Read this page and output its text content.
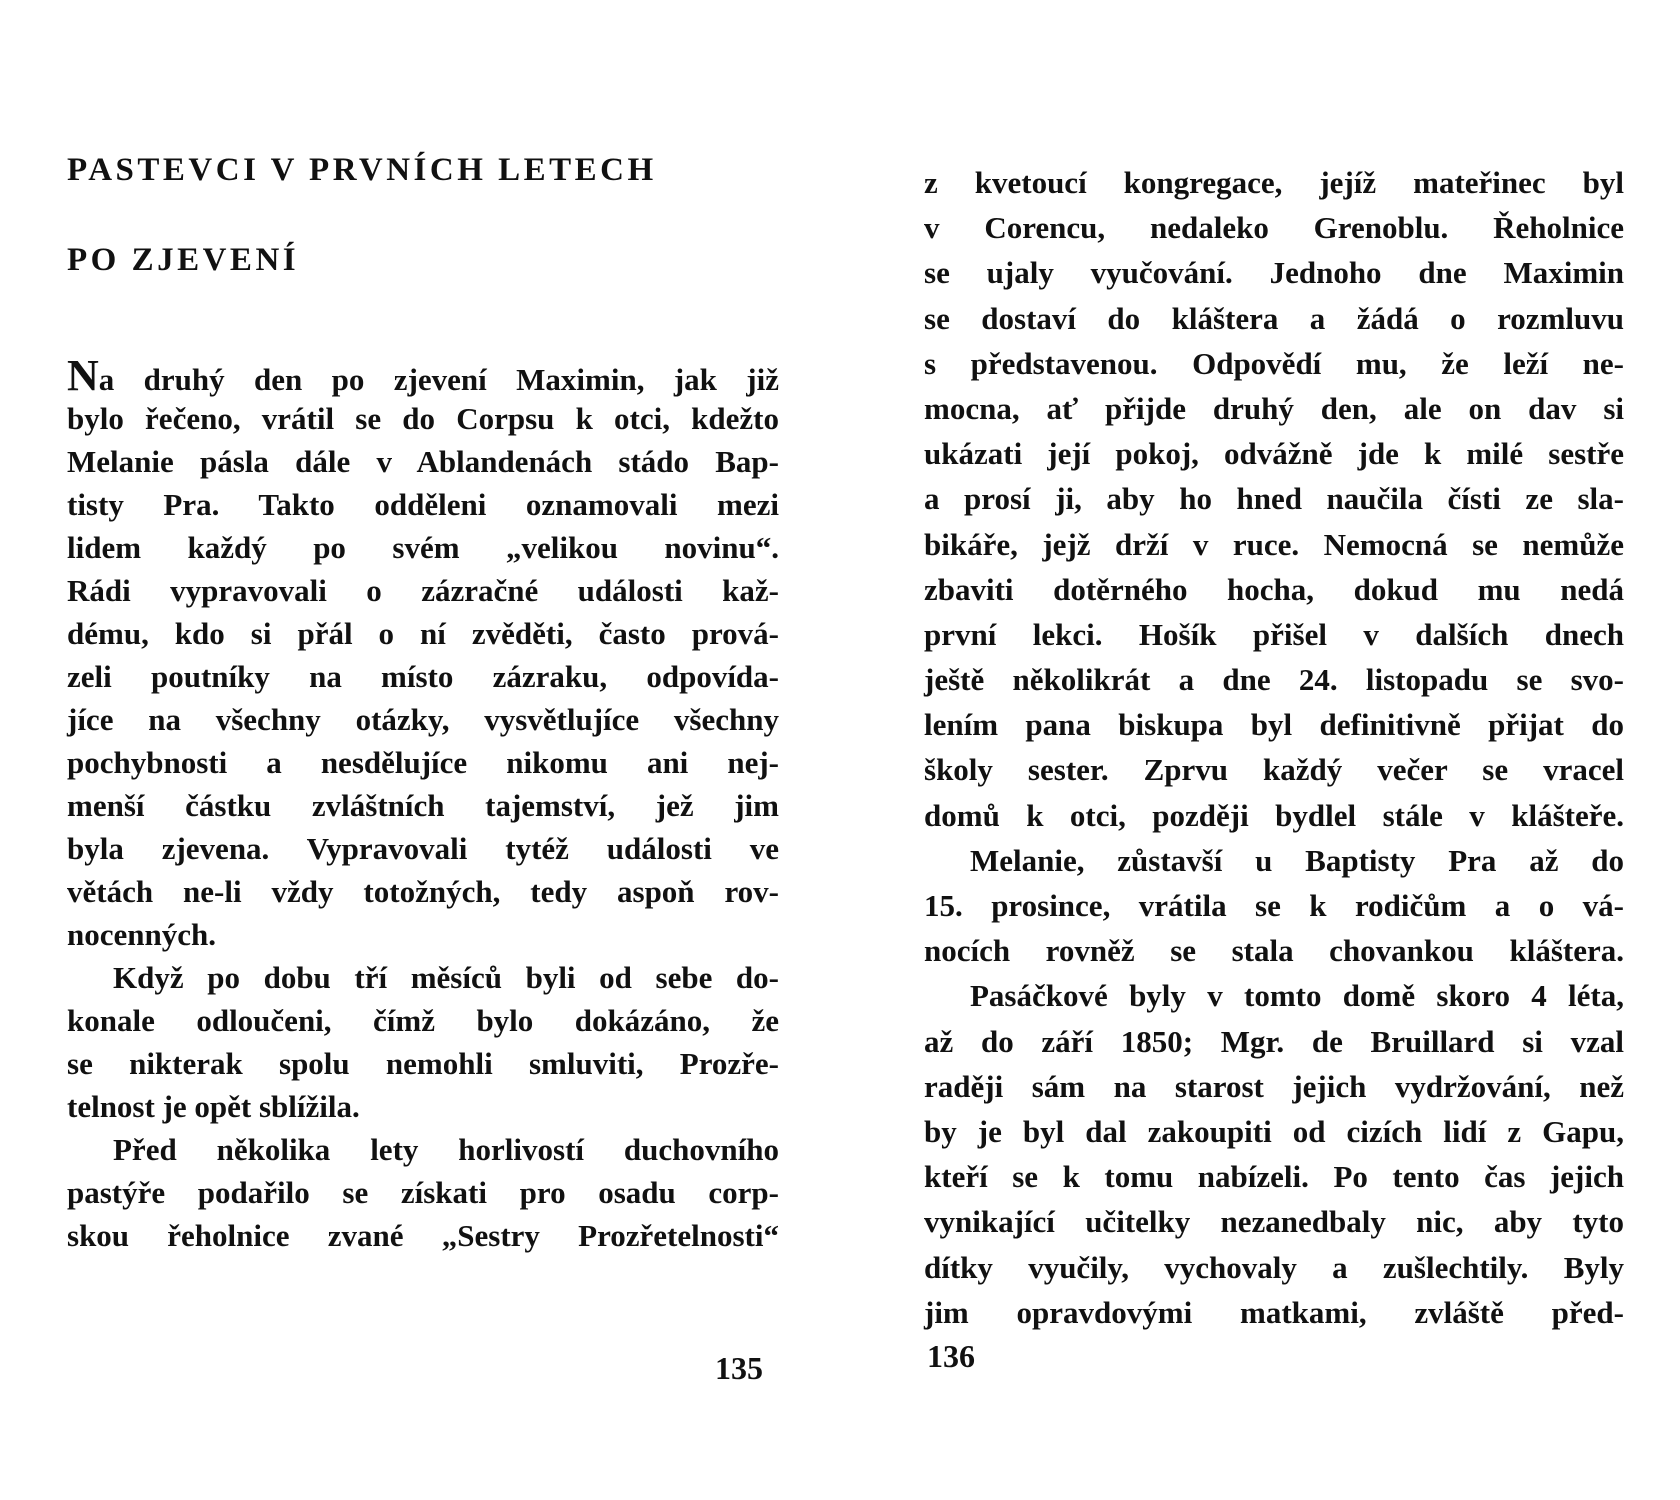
PASTEVCI V PRVNÍCH LETECH
PO ZJEVENÍ
Na druhý den po zjevení Maximin, jak již
bylo řečeno, vrátil se do Corpsu k otci, kdežto
Melanie pásla dále v Ablandenách stádo Bap-
tisty Pra. Takto odděleni oznamovali mezi
lidem každý po svém „velikou novinu“.
Rádi vypravovali o zázračné události kaž-
dému, kdo si přál o ní zvěděti, často prová-
zeli poutníky na místo zázraku, odpovída-
jíce na všechny otázky, vysvětlujíce všechny
pochybnosti a nesdělujíce nikomu ani nej-
menší částku zvláštních tajemství, jež jim
byla zjevena. Vypravovali tytéž události ve
větách ne-li vždy totožných, tedy aspoň rov-
nocenných.
Když po dobu tří měsíců byli od sebe do-
konale odloučeni, čímž bylo dokázáno, že
se nikterak spolu nemohli smluviti, Prozře-
telnost je opět sblížila.
Před několika lety horlivostí duchovního
pastýře podařilo se získati pro osadu corp-
skou řeholnice zvané „Sestry Prozřetelnosti“
135
z kvetoucí kongregace, jejíž mateřinec byl
v Corencu, nedaleko Grenoblu. Řeholnice
se ujaly vyučování. Jednoho dne Maximin
se dostaví do kláštera a žádá o rozmluvu
s představenou. Odpovědí mu, že leží ne-
mocna, ať přijde druhý den, ale on dav si
ukázati její pokoj, odvážně jde k milé sestře
a prosí ji, aby ho hned naučila čísti ze sla-
bikáře, jejž drží v ruce. Nemocná se nemůže
zbaviti dotěrného hocha, dokud mu nedá
první lekci. Hošík přišel v dalších dnech
ještě několikrát a dne 24. listopadu se svo-
lením pana biskupa byl definitivně přijat do
školy sester. Zprvu každý večer se vracel
domů k otci, později bydlel stále v klášteře.
Melanie, zůstavší u Baptisty Pra až do
15. prosince, vrátila se k rodičům a o vá-
nocích rovněž se stala chovankou kláštera.
Pasáčkové byly v tomto domě skoro 4 léta,
až do září 1850; Mgr. de Bruillard si vzal
raději sám na starost jejich vydržování, než
by je byl dal zakoupiti od cizích lidí z Gapu,
kteří se k tomu nabízeli. Po tento čas jejich
vynikající učitelky nezanedbaly nic, aby tyto
dítky vyučily, vychovaly a zušlechtily. Byly
jim opravdovými matkami, zvláště před-
136
